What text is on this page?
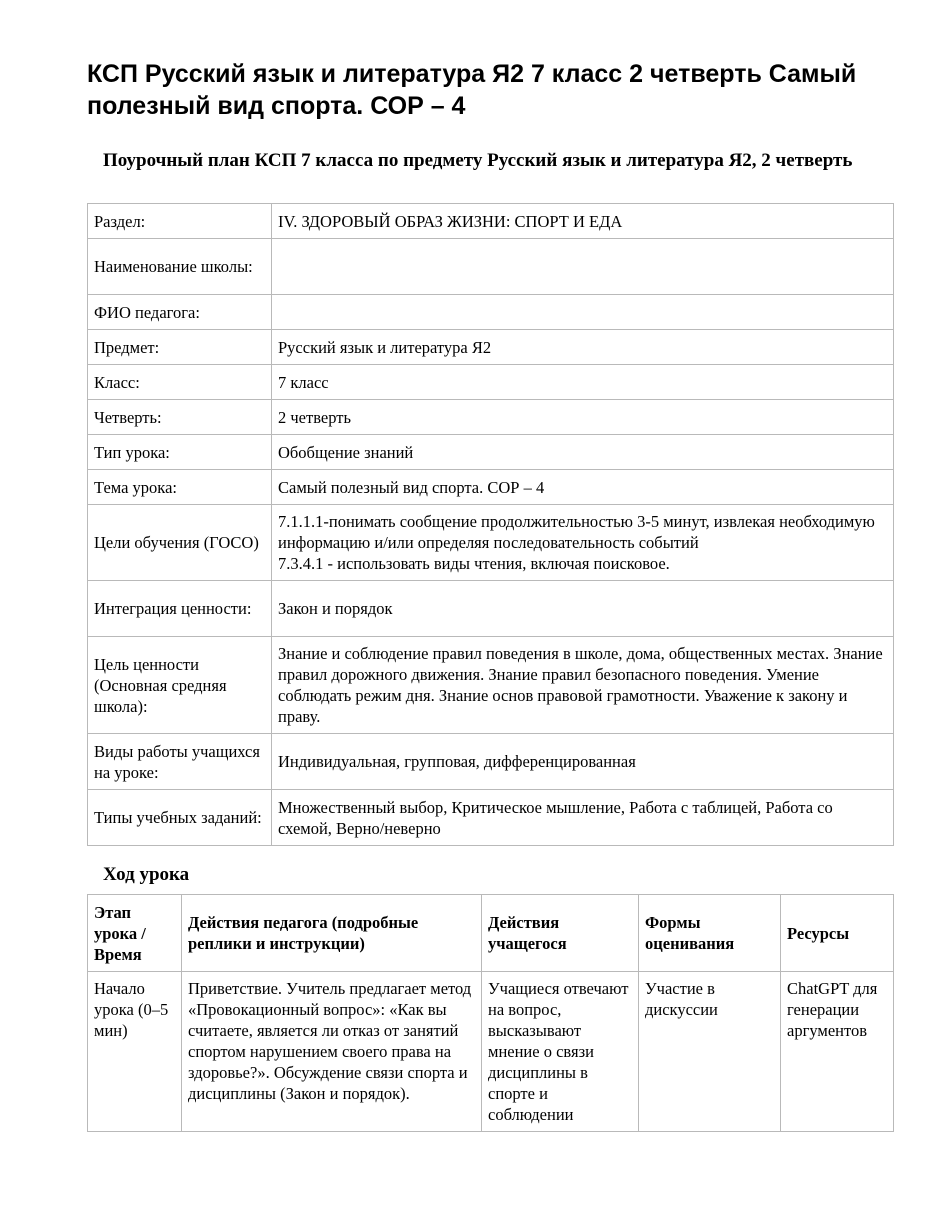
КСП Русский язык и литература Я2 7 класс 2 четверть Самый полезный вид спорта. СОР – 4
Поурочный план КСП 7 класса по предмету Русский язык и литература Я2, 2 четверть
Раздел:	IV. ЗДОРОВЫЙ ОБРАЗ ЖИЗНИ: СПОРТ И ЕДА
Наименование школы:	
ФИО педагога:	
Предмет:	Русский язык и литература Я2
Класс:	7 класс
Четверть:	2 четверть
Тип урока:	Обобщение знаний
Тема урока:	Самый полезный вид спорта. СОР – 4
Цели обучения (ГОСО)	7.1.1.1-понимать сообщение продолжительностью 3-5 минут, извлекая необходимую информацию и/или определяя последовательность событий
7.3.4.1 - использовать виды чтения, включая поисковое.
Интеграция ценности:	Закон и порядок
Цель ценности (Основная средняя школа):	Знание и соблюдение правил поведения в школе, дома, общественных местах. Знание правил дорожного движения. Знание правил безопасного поведения. Умение соблюдать режим дня. Знание основ правовой грамотности. Уважение к закону и праву.
Виды работы учащихся на уроке:	Индивидуальная, групповая, дифференцированная
Типы учебных заданий:	Множественный выбор, Критическое мышление, Работа с таблицей, Работа со схемой, Верно/неверно
Ход урока
Этап урока / Время	Действия педагога (подробные реплики и инструкции)	Действия учащегося	Формы оценивания	Ресурсы
Начало урока (0–5 мин)	Приветствие. Учитель предлагает метод «Провокационный вопрос»: «Как вы считаете, является ли отказ от занятий спортом нарушением своего права на здоровье?». Обсуждение связи спорта и дисциплины (Закон и порядок).	Учащиеся отвечают на вопрос, высказывают мнение о связи дисциплины в спорте и соблюдении	Участие в дискуссии	ChatGPT для генерации аргументов
